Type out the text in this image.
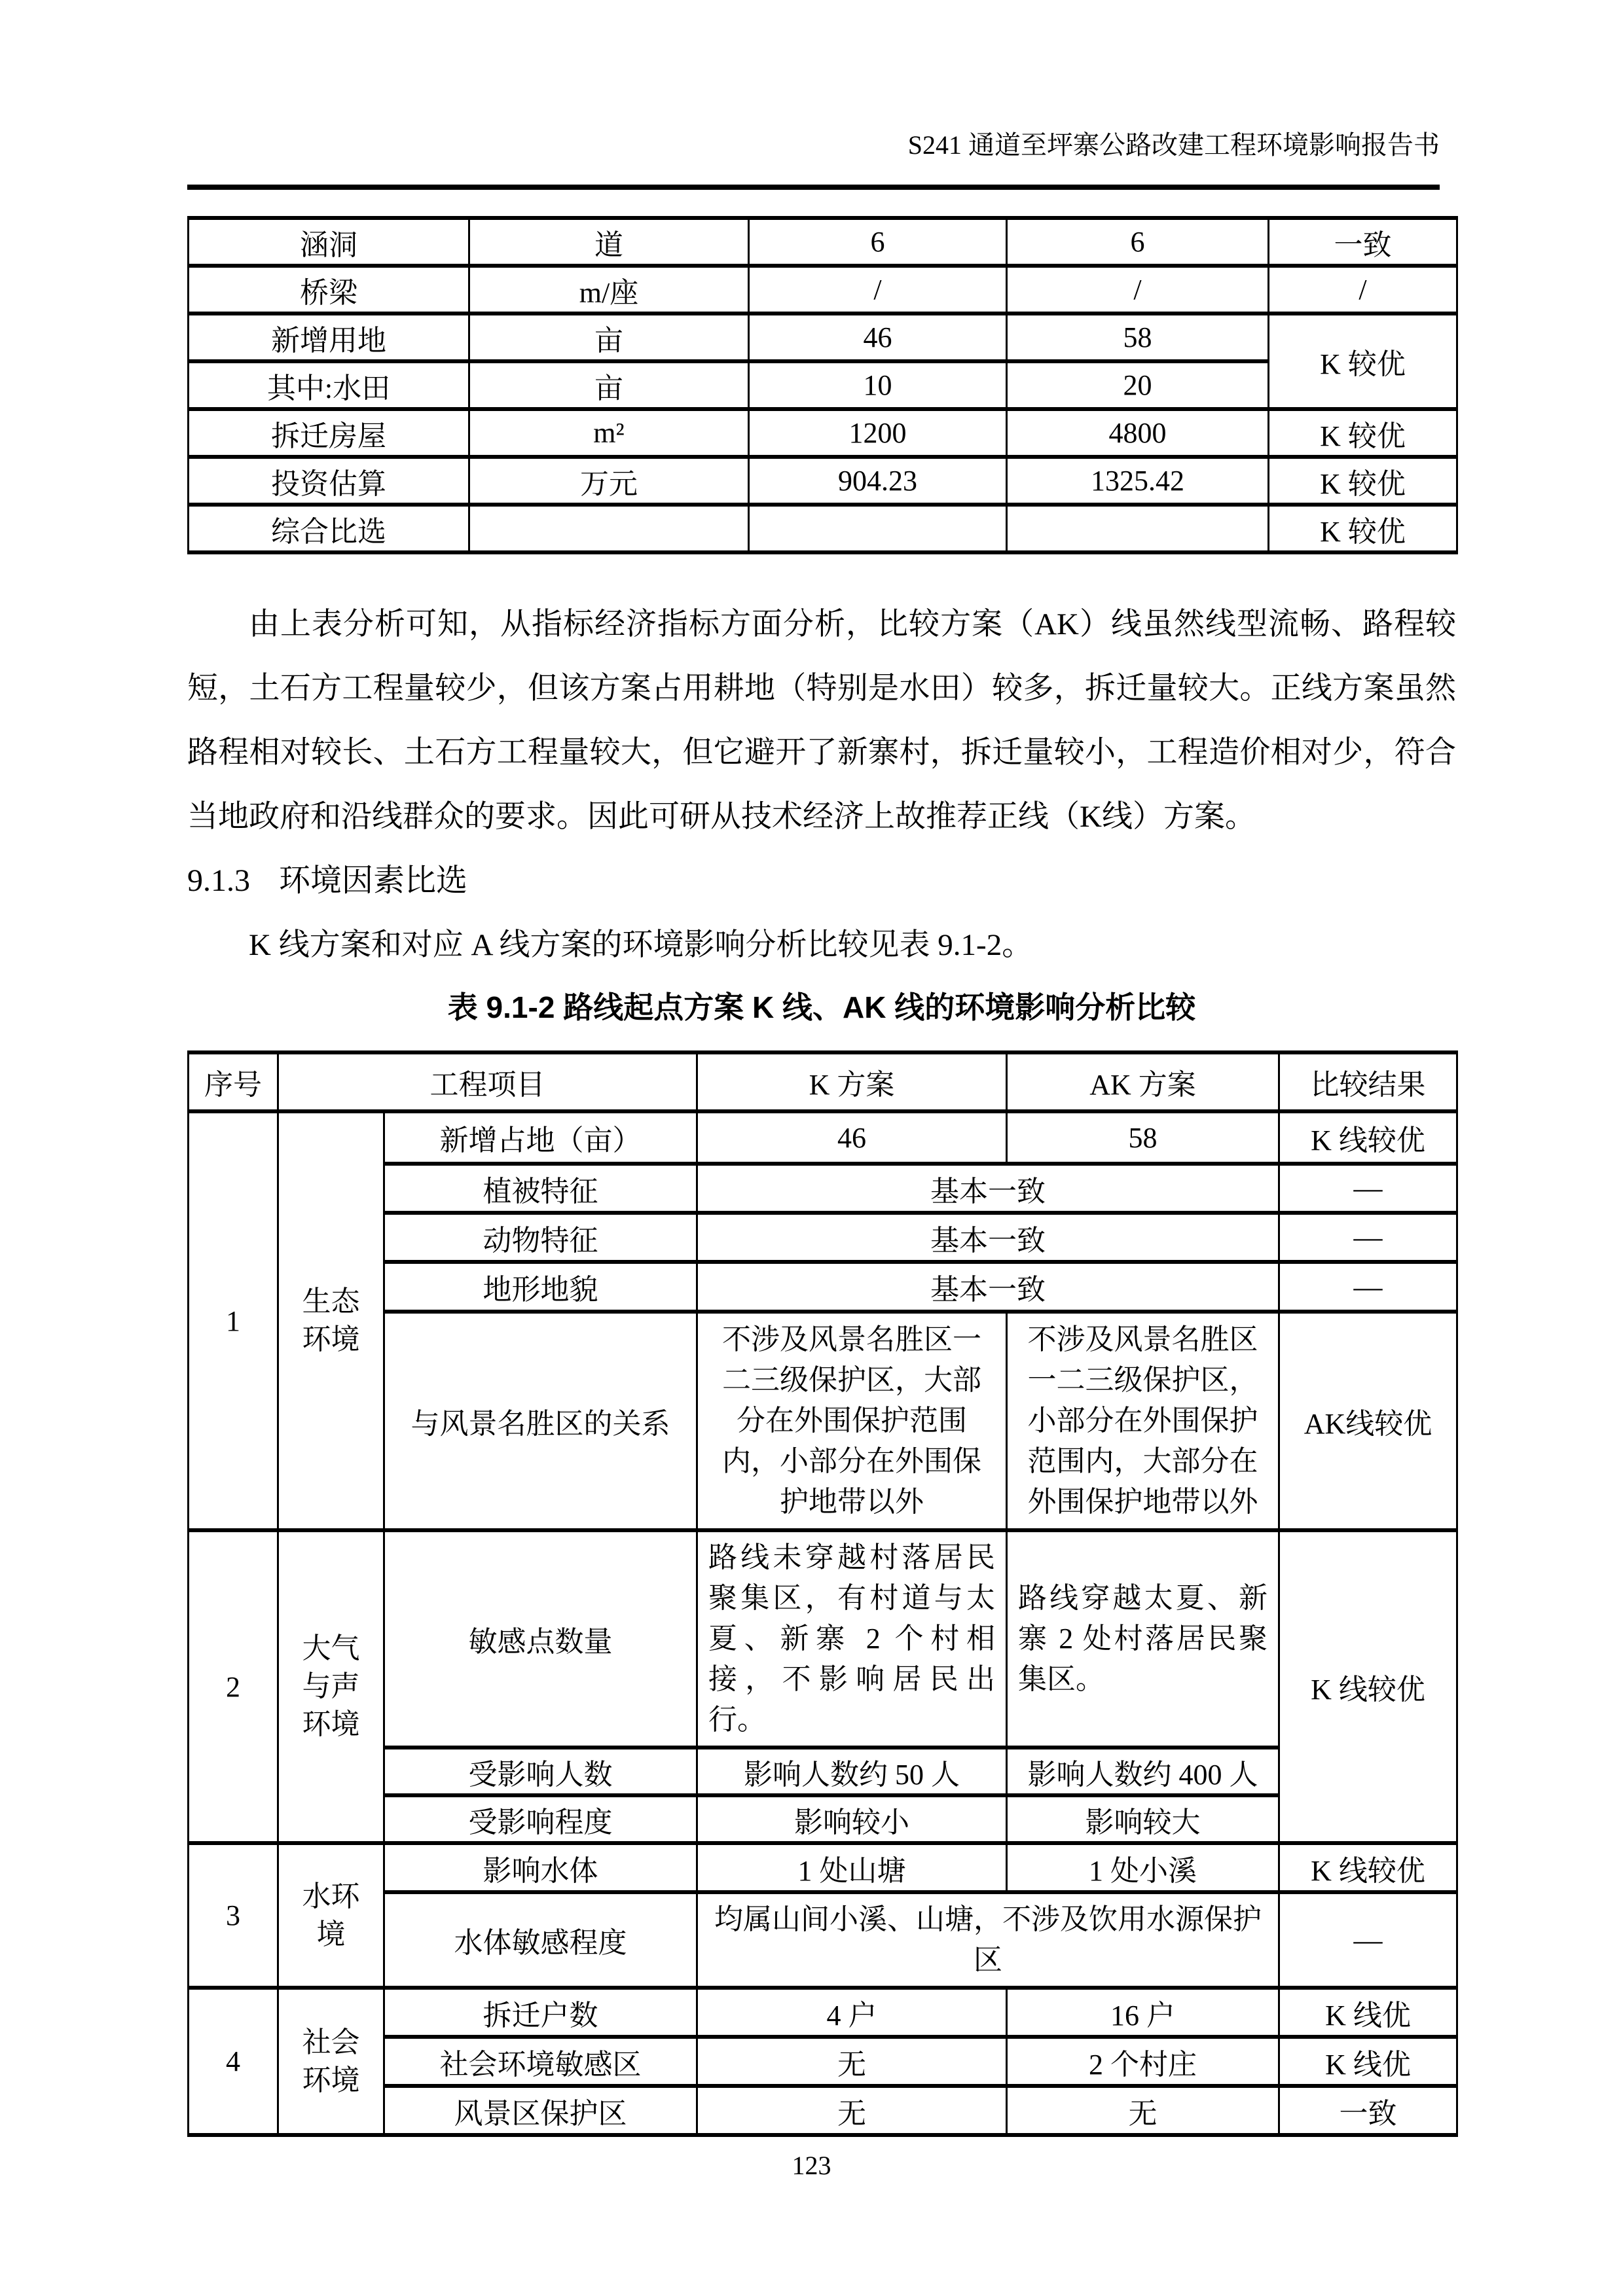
S241 通道至坪寨公路改建工程环境影响报告书
涵洞	道	6	6	一致
桥梁	m/座	/	/	/
新增用地	亩	46	58	K 较优
其中:水田	亩	10	20	
拆迁房屋	m²	1200	4800	K 较优
投资估算	万元	904.23	1325.42	K 较优
综合比选				K 较优

由上表分析可知，从指标经济指标方面分析，比较方案（AK）线虽然线型流畅、路程较短，土石方工程量较少，但该方案占用耕地（特别是水田）较多，拆迁量较大。正线方案虽然路程相对较长、土石方工程量较大，但它避开了新寨村，拆迁量较小，工程造价相对少，符合当地政府和沿线群众的要求。因此可研从技术经济上故推荐正线（K线）方案。

9.1.3 环境因素比选

K 线方案和对应 A 线方案的环境影响分析比较见表 9.1-2。

表 9.1-2 路线起点方案 K 线、AK 线的环境影响分析比较
序号	工程项目		K 方案	AK 方案	比较结果
1	生态环境	新增占地（亩）	46	58	K 线较优
		植被特征	基本一致		—
		动物特征	基本一致		—
		地形地貌	基本一致		—
		与风景名胜区的关系	不涉及风景名胜区一二三级保护区，大部分在外围保护范围内，小部分在外围保护地带以外	不涉及风景名胜区一二三级保护区，小部分在外围保护范围内，大部分在外围保护地带以外	AK线较优
2	大气与声环境	敏感点数量	路线未穿越村落居民聚集区，有村道与太夏、新寨 2 个村相接，不影响居民出行。	路线穿越太夏、新寨 2 处村落居民聚集区。	K 线较优
		受影响人数	影响人数约 50 人	影响人数约 400 人	
		受影响程度	影响较小	影响较大	
3	水环境	影响水体	1 处山塘	1 处小溪	K 线较优
		水体敏感程度	均属山间小溪、山塘，不涉及饮用水源保护区		—
4	社会环境	拆迁户数	4 户	16 户	K 线优
		社会环境敏感区	无	2 个村庄	K 线优
		风景区保护区	无	无	一致
123
